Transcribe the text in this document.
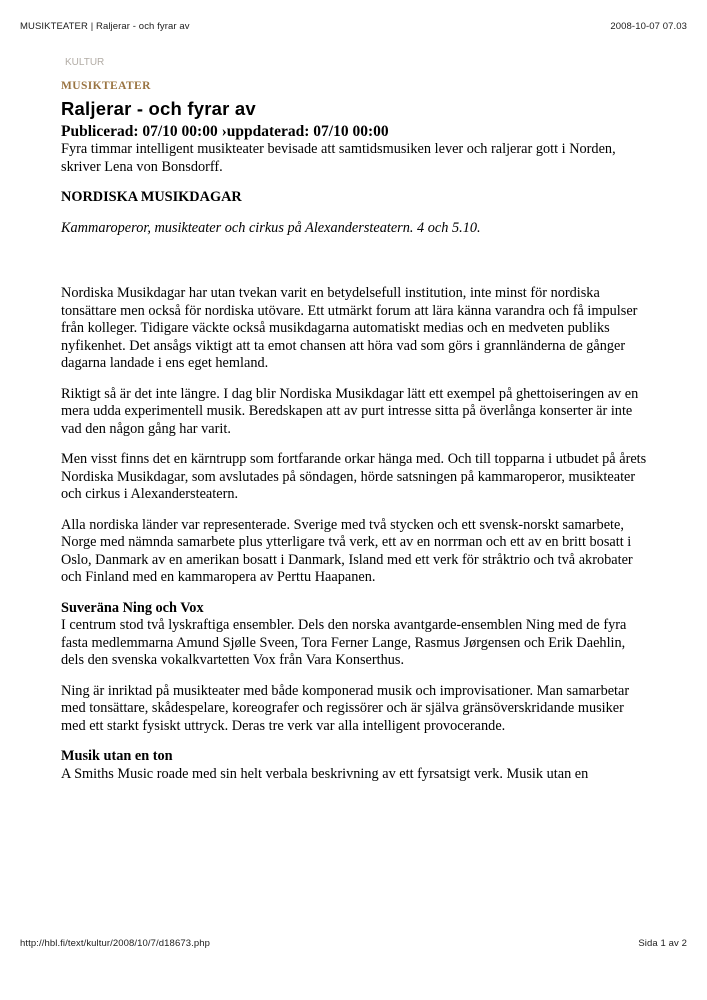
MUSIKTEATER | Raljerar - och fyrar av	2008-10-07 07.03
KULTUR
MUSIKTEATER
Raljerar - och fyrar av
Publicerad: 07/10 00:00 ›uppdaterad: 07/10 00:00

Fyra timmar intelligent musikteater bevisade att samtidsmusiken lever och raljerar gott i Norden, skriver Lena von Bonsdorff.

NORDISKA MUSIKDAGAR

Kammaroperor, musikteater och cirkus på Alexandersteatern. 4 och 5.10.

Nordiska Musikdagar har utan tvekan varit en betydelsefull institution, inte minst för nordiska tonsättare men också för nordiska utövare. Ett utmärkt forum att lära känna varandra och få impulser från kolleger. Tidigare väckte också musikdagarna automatiskt medias och en medveten publiks nyfikenhet. Det ansågs viktigt att ta emot chansen att höra vad som görs i grannländerna de gånger dagarna landade i ens eget hemland.

Riktigt så är det inte längre. I dag blir Nordiska Musikdagar lätt ett exempel på ghettoiseringen av en mera udda experimentell musik. Beredskapen att av purt intresse sitta på överlånga konserter är inte vad den någon gång har varit.

Men visst finns det en kärntrupp som fortfarande orkar hänga med. Och till topparna i utbudet på årets Nordiska Musikdagar, som avslutades på söndagen, hörde satsningen på kammaroperor, musikteater och cirkus i Alexandersteatern.

Alla nordiska länder var representerade. Sverige med två stycken och ett svensk-norskt samarbete, Norge med nämnda samarbete plus ytterligare två verk, ett av en norrman och ett av en britt bosatt i Oslo, Danmark av en amerikan bosatt i Danmark, Island med ett verk för stråktrio och två akrobater och Finland med en kammaropera av Perttu Haapanen.

Suveräna Ning och Vox
I centrum stod två lyskraftiga ensembler. Dels den norska avantgarde-ensemblen Ning med de fyra fasta medlemmarna Amund Sjølle Sveen, Tora Ferner Lange, Rasmus Jørgensen och Erik Daehlin, dels den svenska vokalkvartetten Vox från Vara Konserthus.

Ning är inriktad på musikteater med både komponerad musik och improvisationer. Man samarbetar med tonsättare, skådespelare, koreografer och regissörer och är själva gränsöverskridande musiker med ett starkt fysiskt uttryck. Deras tre verk var alla intelligent provocerande.

Musik utan en ton
A Smiths Music roade med sin helt verbala beskrivning av ett fyrsatsigt verk. Musik utan en

http://hbl.fi/text/kultur/2008/10/7/d18673.php	Sida 1 av 2
